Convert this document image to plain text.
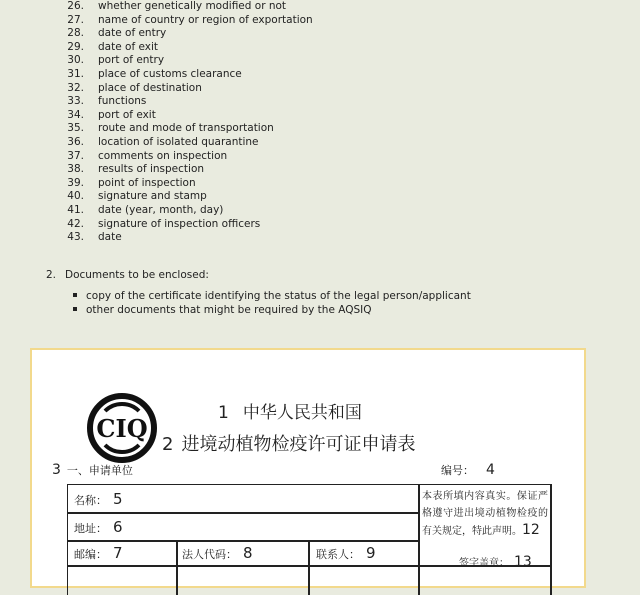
26. whether genetically modified or not
27. name of country or region of exportation
28. date of entry
29. date of exit
30. port of entry
31. place of customs clearance
32. place of destination
33. functions
34. port of exit
35. route and mode of transportation
36. location of isolated quarantine
37. comments on inspection
38. results of inspection
39. point of inspection
40. signature and stamp
41. date (year, month, day)
42. signature of inspection officers
43. date
2. Documents to be enclosed:
copy of the certificate identifying the status of the legal person/applicant
other documents that might be required by the AQSIQ
CIQ
1 中华人民共和国
2 进境动植物检疫许可证申请表
3 一、申请单位	编号： 4
名称： 5
地址： 6
邮编： 7	法人代码： 8	联系人： 9
本表所填内容真实。保证严格遵守进出境动植物检疫的有关规定，特此声明。12
签字盖章： 13
